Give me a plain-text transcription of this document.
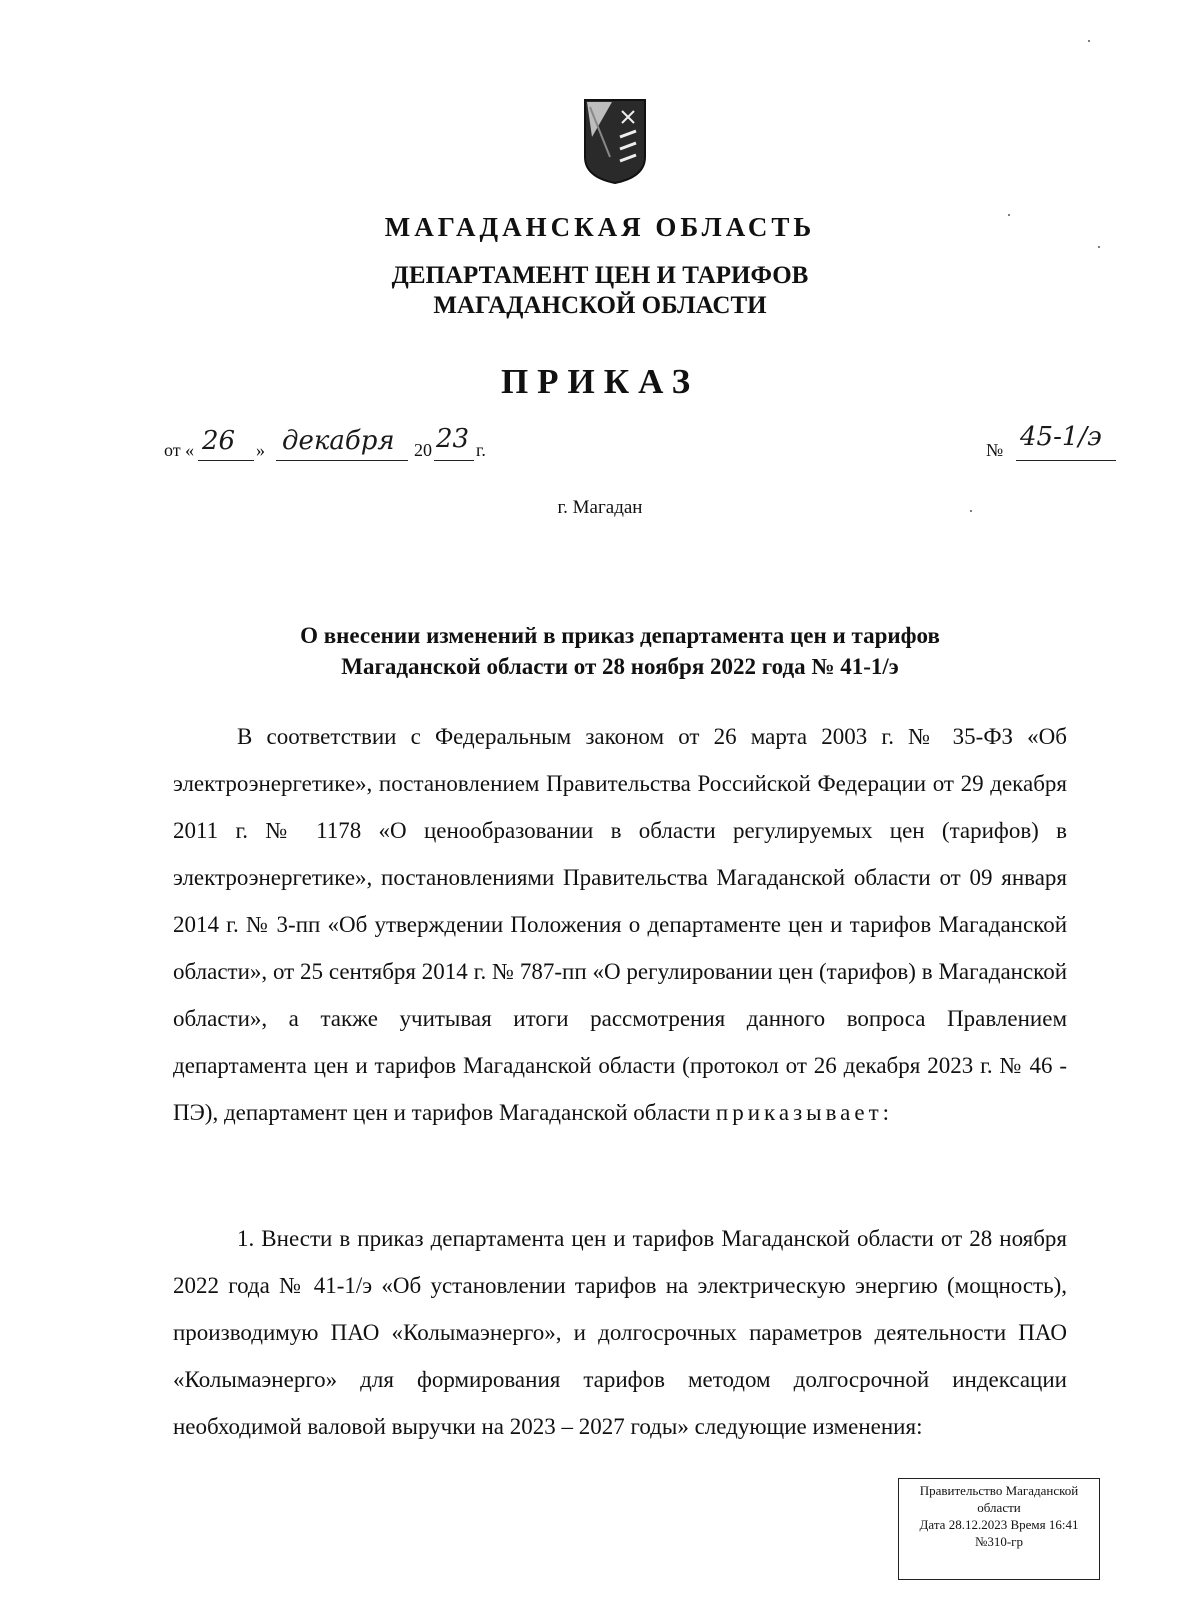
МАГАДАНСКАЯ ОБЛАСТЬ
ДЕПАРТАМЕНТ ЦЕН И ТАРИФОВ
МАГАДАНСКОЙ ОБЛАСТИ
ПРИКАЗ
от « 26 » декабря 20 23 г.	№ 45-1/э
г. Магадан
О внесении изменений в приказ департамента цен и тарифов
Магаданской области от 28 ноября 2022 года № 41-1/э

В соответствии с Федеральным законом от 26 марта 2003 г. № 35-ФЗ «Об электроэнергетике», постановлением Правительства Российской Федерации от 29 декабря 2011 г. № 1178 «О ценообразовании в области регулируемых цен (тарифов) в электроэнергетике», постановлениями Правительства Магаданской области от 09 января 2014 г. № 3-пп «Об утверждении Положения о департаменте цен и тарифов Магаданской области», от 25 сентября 2014 г. № 787-пп «О регулировании цен (тарифов) в Магаданской области», а также учитывая итоги рассмотрения данного вопроса Правлением департамента цен и тарифов Магаданской области (протокол от 26 декабря 2023 г. № 46 - ПЭ), департамент цен и тарифов Магаданской области приказывает:

1. Внести в приказ департамента цен и тарифов Магаданской области от 28 ноября 2022 года № 41-1/э «Об установлении тарифов на электрическую энергию (мощность), производимую ПАО «Колымаэнерго», и долгосрочных параметров деятельности ПАО «Колымаэнерго» для формирования тарифов методом долгосрочной индексации необходимой валовой выручки на 2023 – 2027 годы» следующие изменения:

Правительство Магаданской
области
Дата 28.12.2023 Время 16:41
№310-гр
